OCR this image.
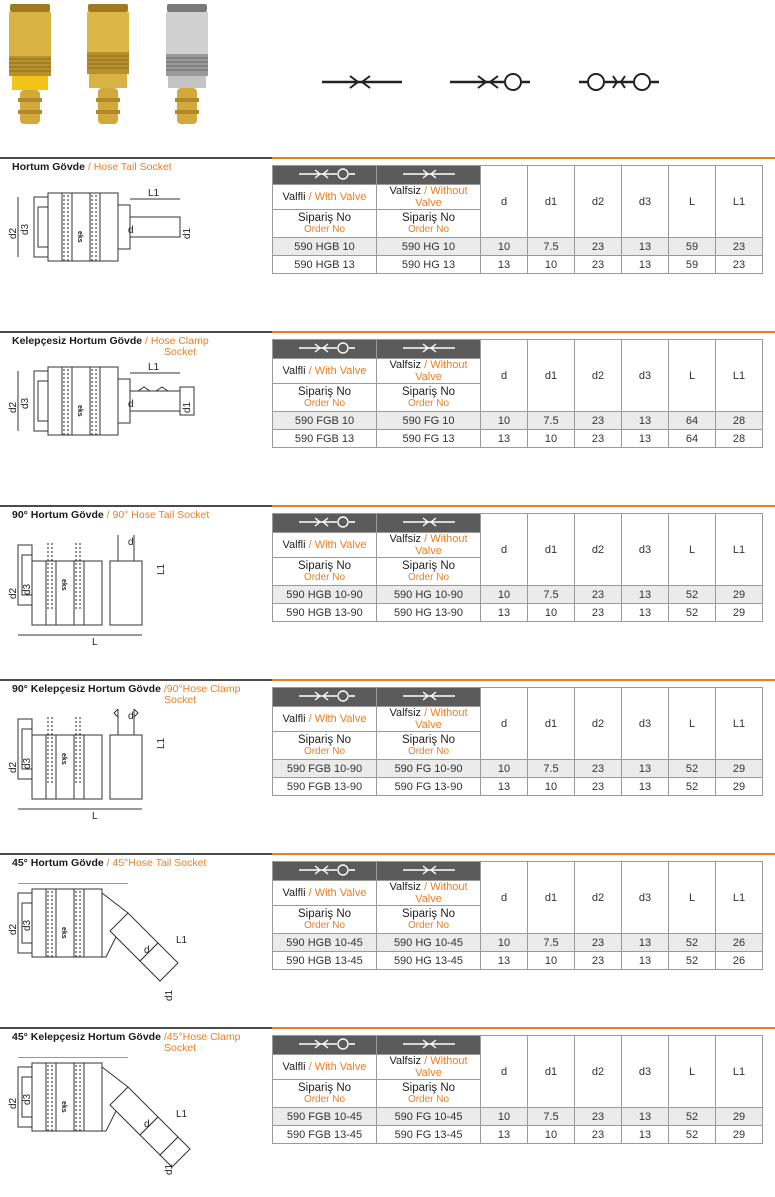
Hortum Gövde / Hose Tail Socket
eks
L1
d2 d3	d	d1
		d	d1	d2	d3	L	L1
Valfli / With Valve	Valfsiz / Without Valve						

Sipariş No
Order No	Sipariş No
Order No						

590 HGB 10	590 HG 10	10	7.5	23	13	59	23
590 HGB 13	590 HG 13	13	10	23	13	59	23
Kelepçesiz Hortum Gövde / Hose Clamp
Socket
eks
L1
d2 d3	d	d1
		d	d1	d2	d3	L	L1
Valfli / With Valve	Valfsiz / Without Valve						

Sipariş No
Order No	Sipariş No
Order No						

590 FGB 10	590 FG 10	10	7.5	23	13	64	28
590 FGB 13	590 FG 13	13	10	23	13	64	28
90° Hortum Gövde / 90° Hose Tail Socket
eks
L
L1
d
d2 d3
		d	d1	d2	d3	L	L1
Valfli / With Valve	Valfsiz / Without Valve						

Sipariş No
Order No	Sipariş No
Order No						

590 HGB 10-90	590 HG 10-90	10	7.5	23	13	52	29
590 HGB 13-90	590 HG 13-90	13	10	23	13	52	29
90° Kelepçesiz Hortum Gövde /90°Hose Clamp
Socket
eks
L
L1
d
d2 d3
		d	d1	d2	d3	L	L1
Valfli / With Valve	Valfsiz / Without Valve						

Sipariş No
Order No	Sipariş No
Order No						

590 FGB 10-90	590 FG 10-90	10	7.5	23	13	52	29
590 FGB 13-90	590 FG 13-90	13	10	23	13	52	29
45° Hortum Gövde / 45°Hose Tail Socket
eks
L1
d
d1
d2 d3
		d	d1	d2	d3	L	L1
Valfli / With Valve	Valfsiz / Without Valve						

Sipariş No
Order No	Sipariş No
Order No						

590 HGB 10-45	590 HG 10-45	10	7.5	23	13	52	26
590 HGB 13-45	590 HG 13-45	13	10	23	13	52	26
45° Kelepçesiz Hortum Gövde /45°Hose Clamp
Socket
eks
L1
d
d1
d2 d3
		d	d1	d2	d3	L	L1
Valfli / With Valve	Valfsiz / Without Valve						

Sipariş No
Order No	Sipariş No
Order No						

590 FGB 10-45	590 FG 10-45	10	7.5	23	13	52	29
590 FGB 13-45	590 FG 13-45	13	10	23	13	52	29
